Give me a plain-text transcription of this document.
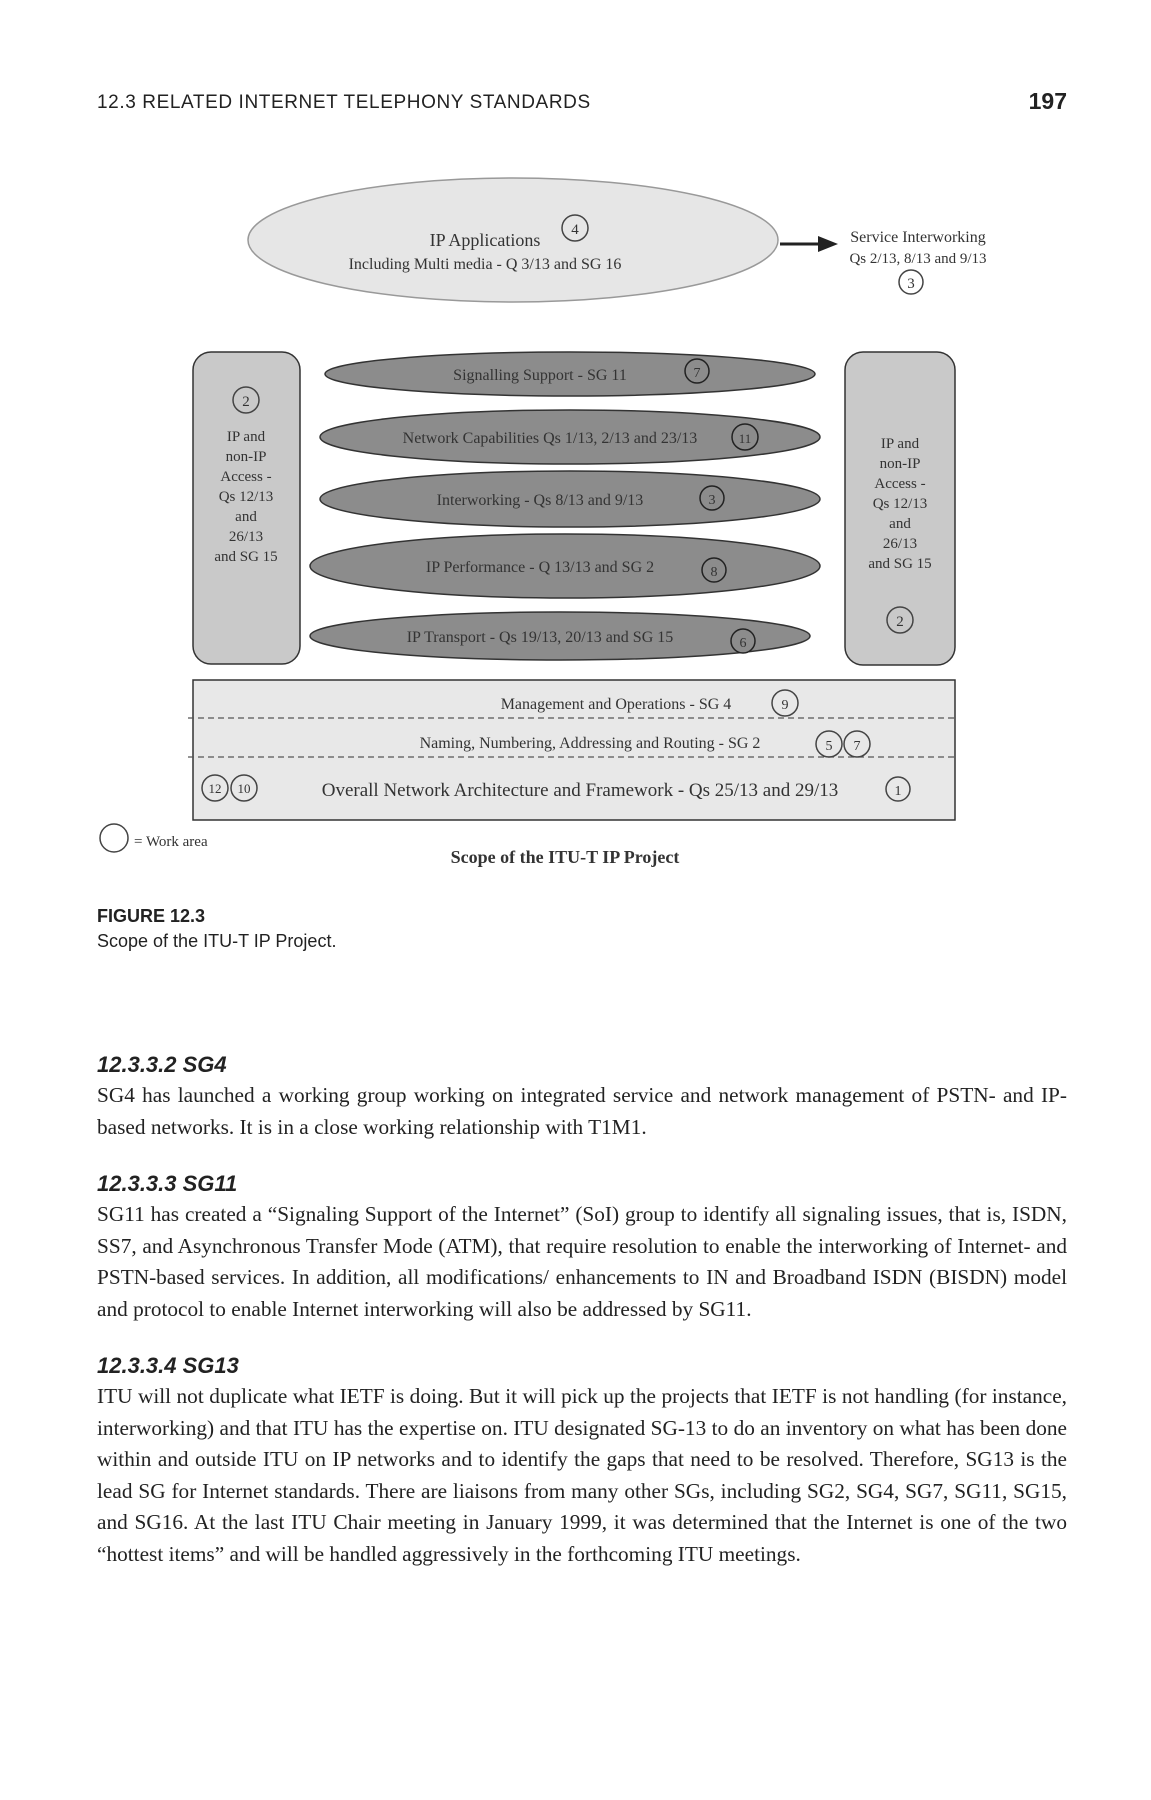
12.3 RELATED INTERNET TELEPHONY STANDARDS	197
IP Applications
Including Multi media - Q 3/13 and SG 16
4	Service Interworking
Qs 2/13, 8/13 and 9/13
3
2
IP and
non-IP
Access -
Qs 12/13
and
26/13
and SG 15
IP and
non-IP
Access -
Qs 12/13
and
26/13
and SG 15
2
Signalling Support - SG 11	7
Network Capabilities Qs 1/13, 2/13 and 23/13	11
Interworking - Qs 8/13 and 9/13	3
IP Performance - Q 13/13 and SG 2	8
IP Transport - Qs 19/13, 20/13 and SG 15	6
Management and Operations - SG 4	9
Naming, Numbering, Addressing and Routing - SG 2	5 7
12 10	Overall Network Architecture and Framework - Qs 25/13 and 29/13	1
= Work area
Scope of the ITU-T IP Project
FIGURE 12.3
Scope of the ITU-T IP Project.
12.3.3.2 SG4

SG4 has launched a working group working on integrated service and network management of PSTN- and IP-based networks. It is in a close working relationship with T1M1.

12.3.3.3 SG11

SG11 has created a “Signaling Support of the Internet” (SoI) group to identify all signaling issues, that is, ISDN, SS7, and Asynchronous Transfer Mode (ATM), that require resolution to enable the interworking of Internet- and PSTN-based services. In addition, all modifications/ enhancements to IN and Broadband ISDN (BISDN) model and protocol to enable Internet interworking will also be addressed by SG11.

12.3.3.4 SG13

ITU will not duplicate what IETF is doing. But it will pick up the projects that IETF is not handling (for instance, interworking) and that ITU has the expertise on. ITU designated SG-13 to do an inventory on what has been done within and outside ITU on IP networks and to identify the gaps that need to be resolved. Therefore, SG13 is the lead SG for Internet standards. There are liaisons from many other SGs, including SG2, SG4, SG7, SG11, SG15, and SG16. At the last ITU Chair meeting in January 1999, it was determined that the Internet is one of the two “hottest items” and will be handled aggressively in the forthcoming ITU meetings.
